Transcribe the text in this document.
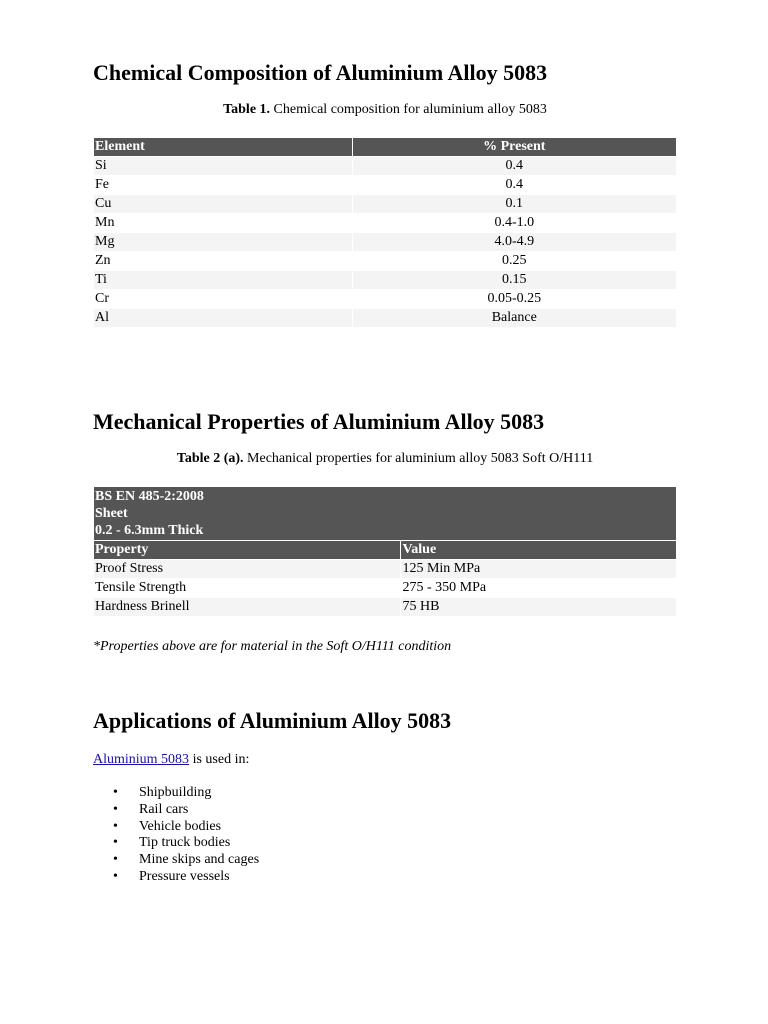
Chemical Composition of Aluminium Alloy 5083
Table 1. Chemical composition for aluminium alloy 5083
Element	% Present
Si	0.4
Fe	0.4
Cu	0.1
Mn	0.4-1.0
Mg	4.0-4.9
Zn	0.25
Ti	0.15
Cr	0.05-0.25
Al	Balance
Mechanical Properties of Aluminium Alloy 5083
Table 2 (a). Mechanical properties for aluminium alloy 5083 Soft O/H111
BS EN 485-2:2008
Sheet
0.2 - 6.3mm Thick	

Property	Value
Proof Stress	125 Min MPa
Tensile Strength	275 - 350 MPa
Hardness Brinell	75 HB
*Properties above are for material in the Soft O/H111 condition
Applications of Aluminium Alloy 5083
Aluminium 5083 is used in:
• Shipbuilding
• Rail cars
• Vehicle bodies
• Tip truck bodies
• Mine skips and cages
• Pressure vessels
